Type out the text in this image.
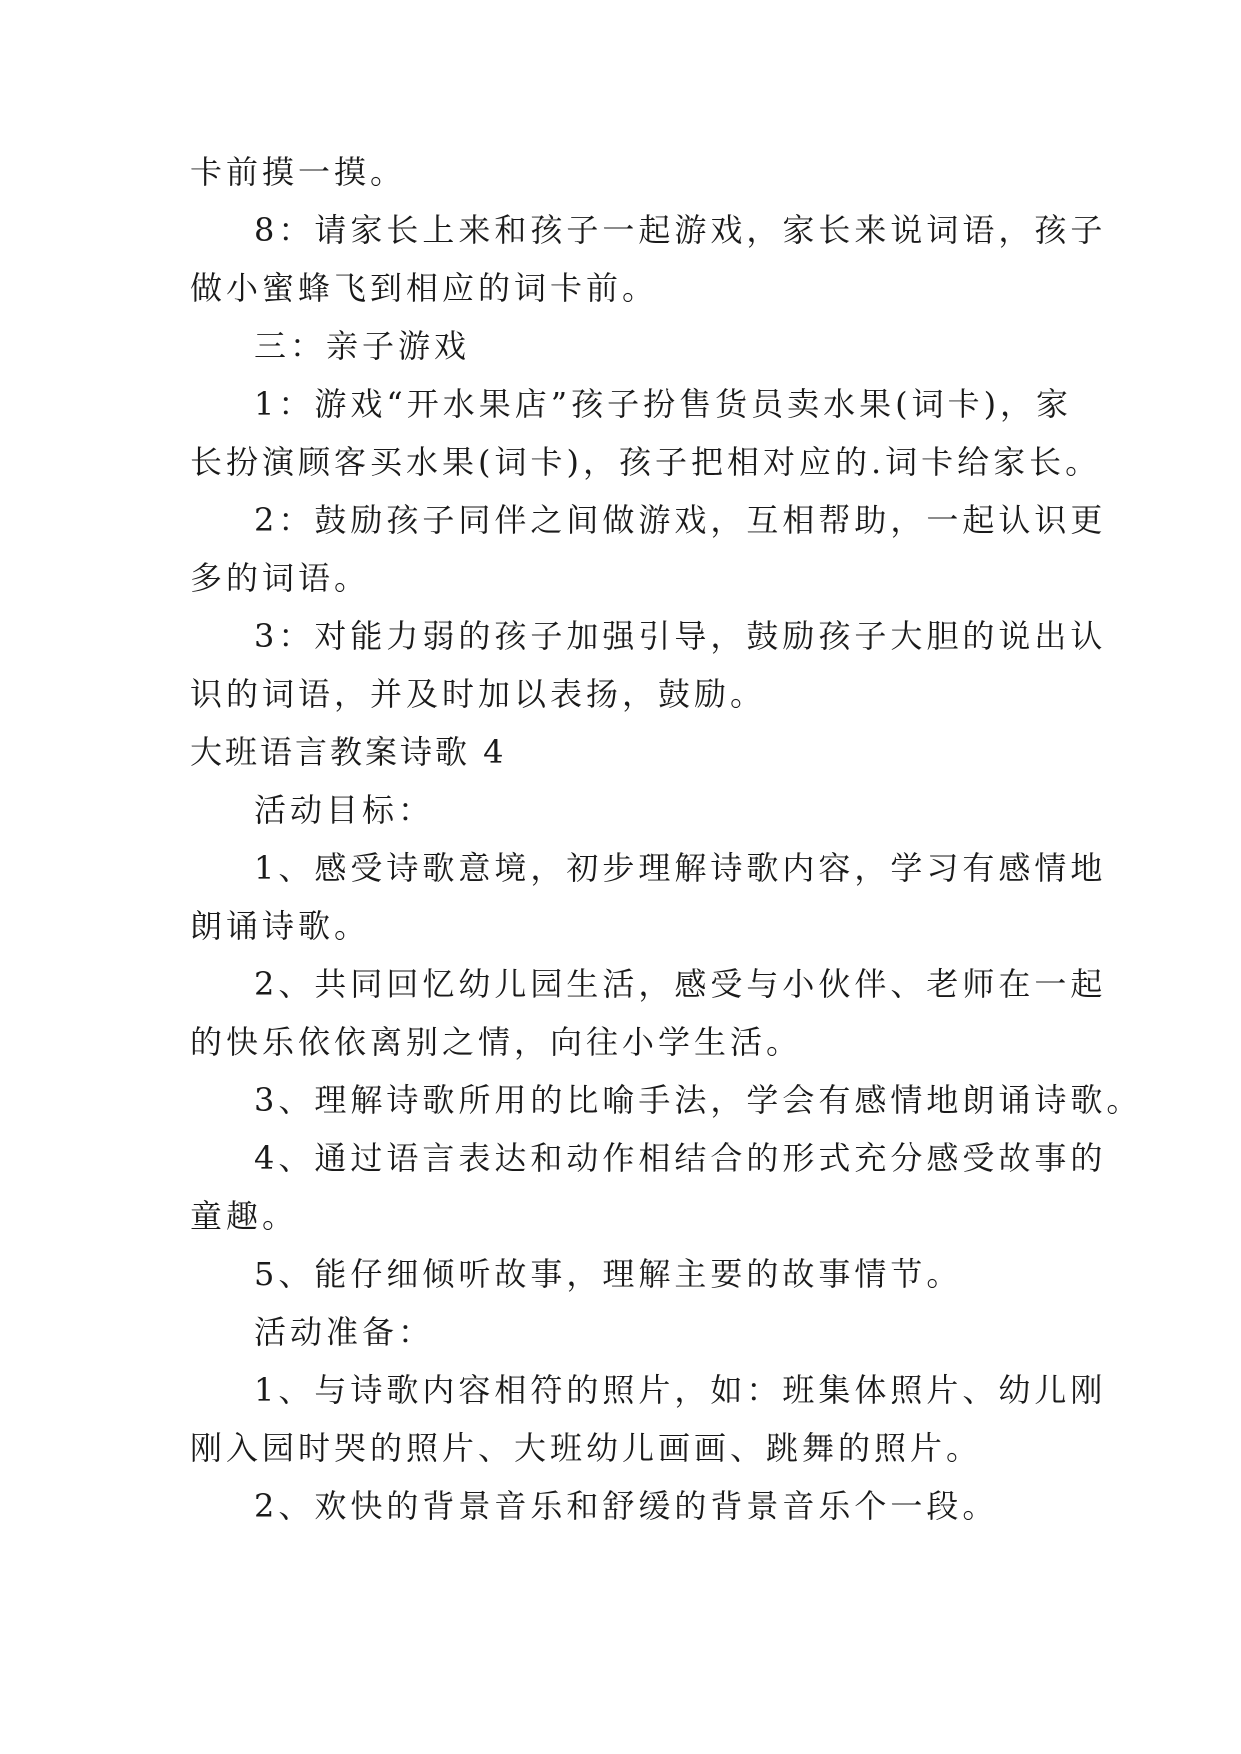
卡前摸一摸。
8：请家长上来和孩子一起游戏，家长来说词语，孩子
做小蜜蜂飞到相应的词卡前。
三：亲子游戏
1：游戏“开水果店”孩子扮售货员卖水果(词卡)，家
长扮演顾客买水果(词卡)，孩子把相对应的.词卡给家长。
2：鼓励孩子同伴之间做游戏，互相帮助，一起认识更
多的词语。
3：对能力弱的孩子加强引导，鼓励孩子大胆的说出认
识的词语，并及时加以表扬，鼓励。
大班语言教案诗歌 4
活动目标：
1、感受诗歌意境，初步理解诗歌内容，学习有感情地
朗诵诗歌。
2、共同回忆幼儿园生活，感受与小伙伴、老师在一起
的快乐依依离别之情，向往小学生活。
3、理解诗歌所用的比喻手法，学会有感情地朗诵诗歌。
4、通过语言表达和动作相结合的形式充分感受故事的
童趣。
5、能仔细倾听故事，理解主要的故事情节。
活动准备：
1、与诗歌内容相符的照片，如：班集体照片、幼儿刚
刚入园时哭的照片、大班幼儿画画、跳舞的照片。
2、欢快的背景音乐和舒缓的背景音乐个一段。
